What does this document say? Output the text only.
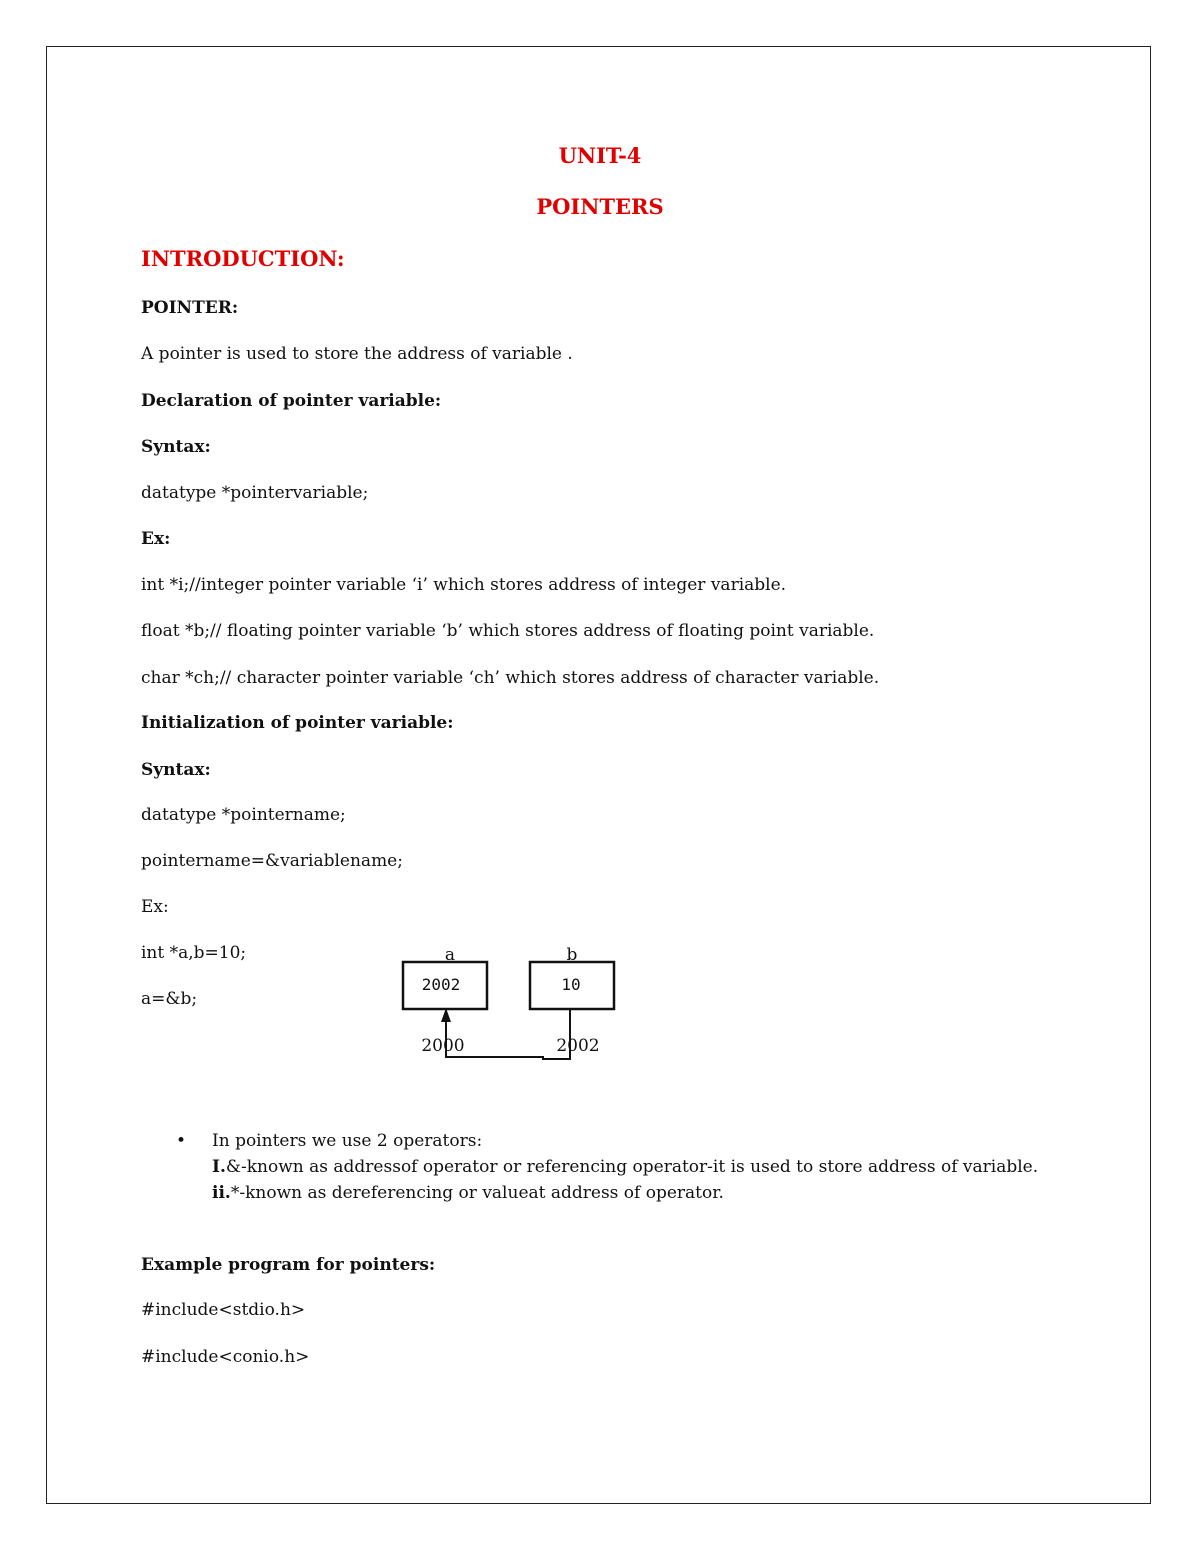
UNIT-4
POINTERS
INTRODUCTION:
POINTER:
A pointer is used to store the address of variable .
Declaration of pointer variable:
Syntax:
datatype *pointervariable;
Ex:
int *i;//integer pointer variable ‘i’ which stores address of integer variable.
float *b;// floating pointer variable ‘b’ which stores address of floating point variable.
char *ch;// character pointer variable ‘ch’ which stores address of character variable.
Initialization of pointer variable:
Syntax:
datatype *pointername;
pointername=&variablename;
Ex:
int *a,b=10;
a=&b;
a	b
2002	10
2000	2002
• In pointers we use 2 operators:
I.&-known as addressof operator or referencing operator-it is used to store address of variable.
ii.*-known as dereferencing or valueat address of operator.
Example program for pointers:
#include<stdio.h>
#include<conio.h>
